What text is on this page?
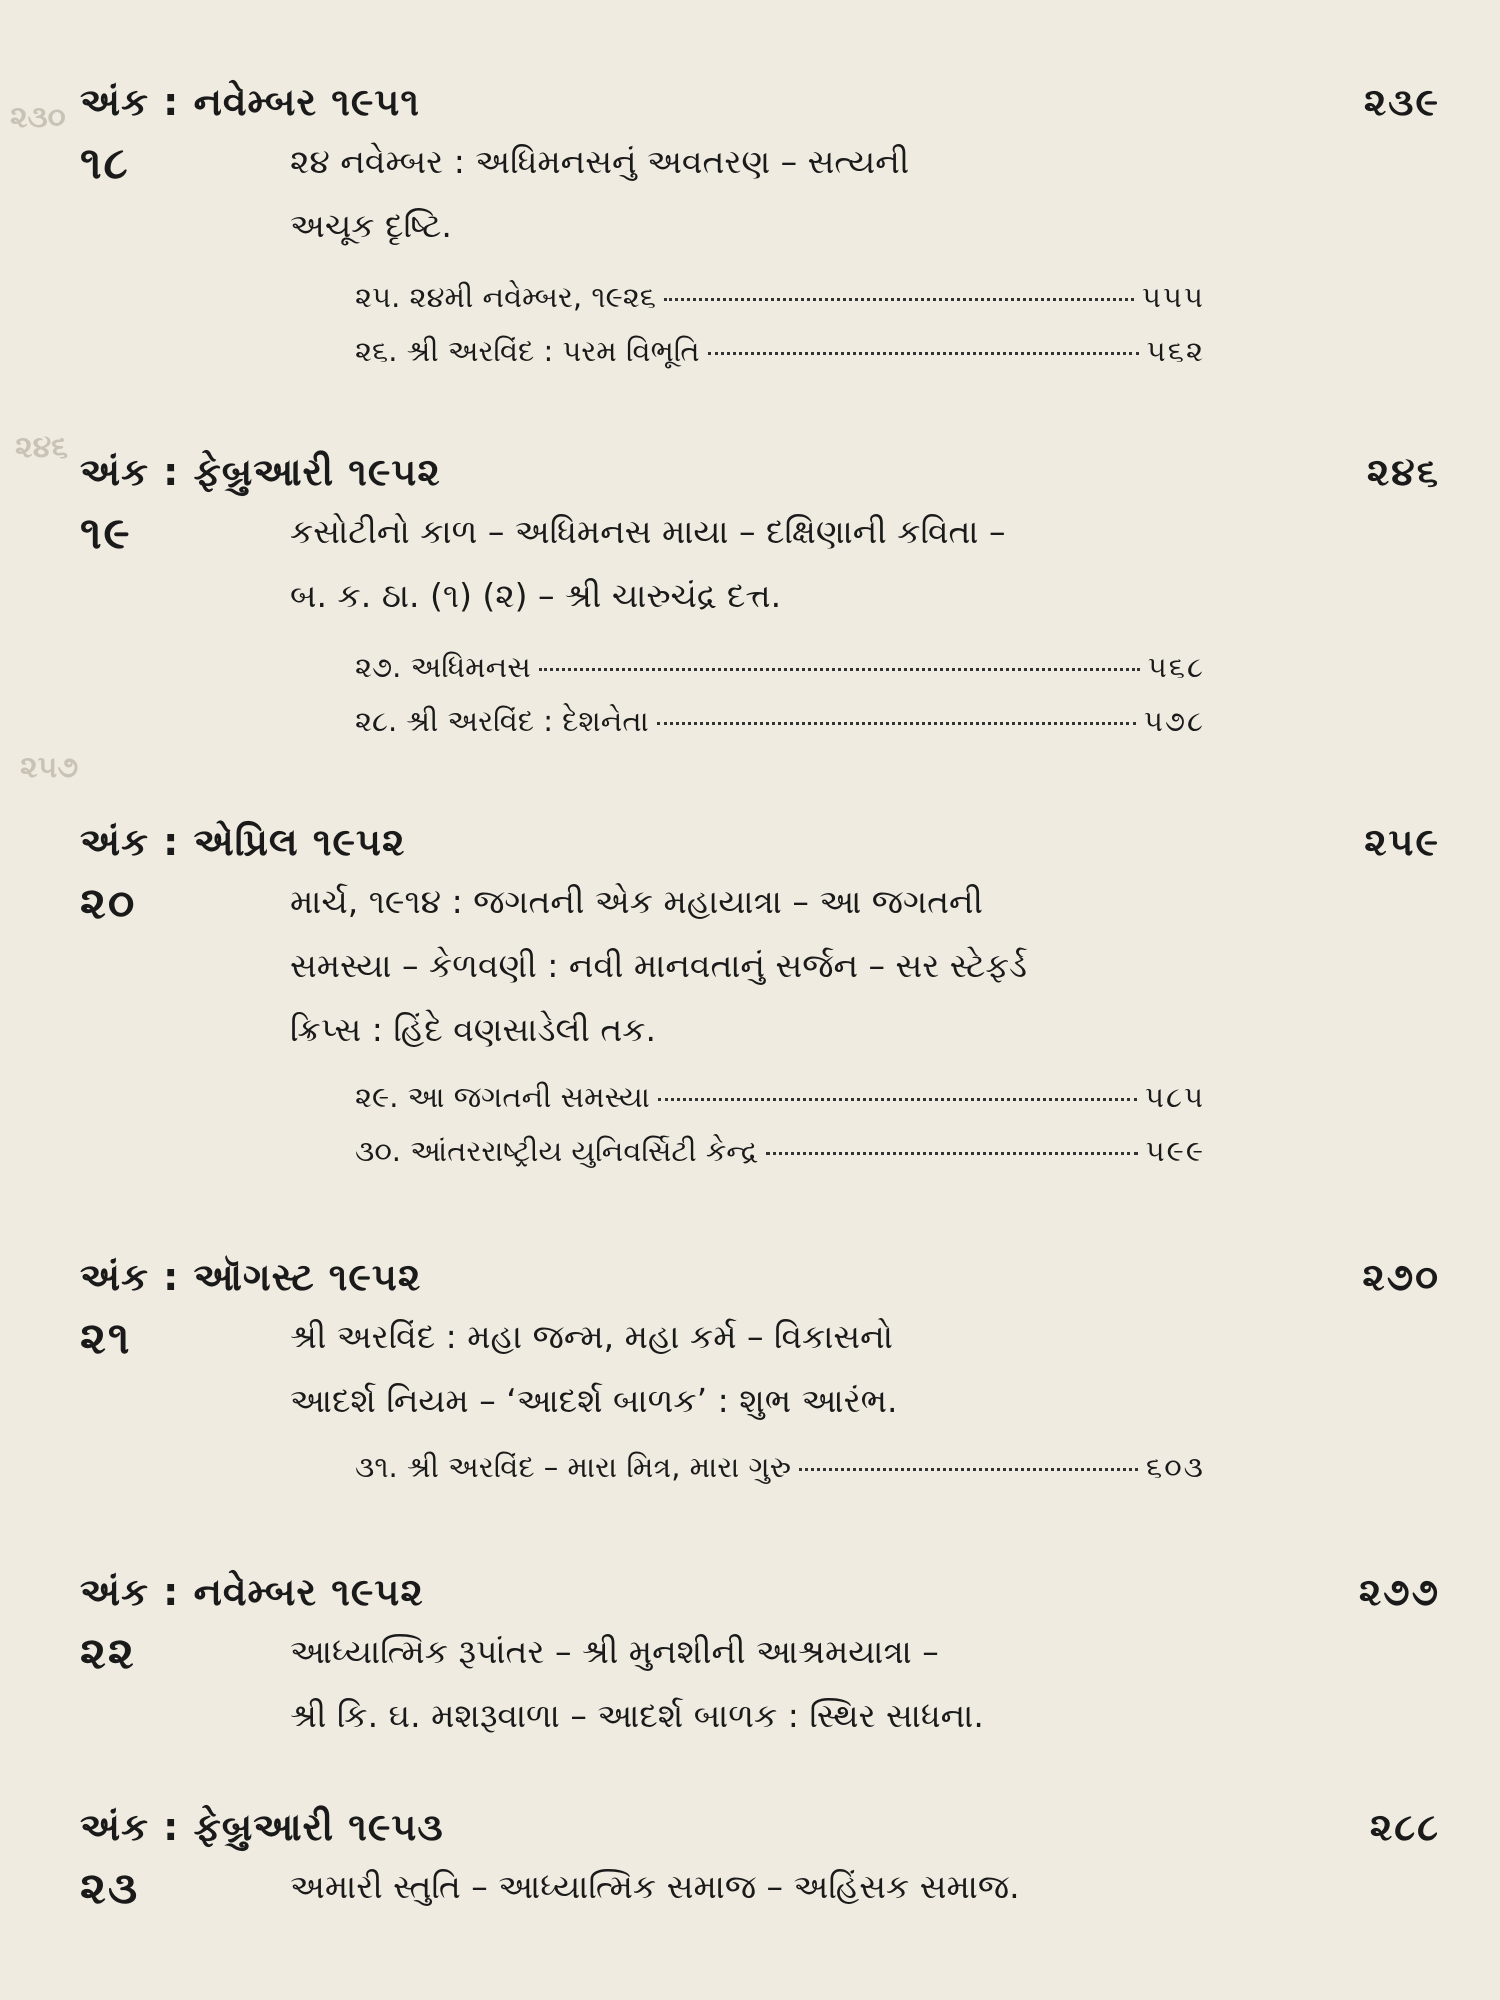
૨૩૦
૨૪૬
૨૫૭
અંક : નવેમ્બર ૧૯૫૧	૨૩૯
૧૮	૨૪ નવેમ્બર : અધિમનસનું અવતરણ – સત્યની
અચૂક દૃષ્ટિ.
૨૫. ૨૪મી નવેમ્બર, ૧૯૨૬	૫૫૫
૨૬. શ્રી અરવિંદ : પરમ વિભૂતિ	૫૬૨
અંક : ફેબ્રુઆરી ૧૯૫૨	૨૪૬
૧૯	કસોટીનો કાળ – અધિમનસ માયા – દક્ષિણાની કવિતા –
બ. ક. ઠા. (૧) (૨) – શ્રી ચારુચંદ્ર દત્ત.
૨૭. અધિમનસ	૫૬૮
૨૮. શ્રી અરવિંદ : દેશનેતા	૫૭૮
અંક : એપ્રિલ ૧૯૫૨	૨૫૯
૨૦	માર્ચ, ૧૯૧૪ : જગતની એક મહાયાત્રા – આ જગતની
સમસ્યા – કેળવણી : નવી માનવતાનું સર્જન – સર સ્ટેફર્ડ
ક્રિપ્સ : હિંદે વણસાડેલી તક.
૨૯. આ જગતની સમસ્યા	૫૮૫
૩૦. આંતરરાષ્ટ્રીય યુનિવર્સિટી કેન્દ્ર	૫૯૯
અંક : ઑગસ્ટ ૧૯૫૨	૨૭૦
૨૧	શ્રી અરવિંદ : મહા જન્મ, મહા કર્મ – વિકાસનો
આદર્શ નિયમ – ‘આદર્શ બાળક’ : શુભ આરંભ.
૩૧. શ્રી અરવિંદ – મારા મિત્ર, મારા ગુરુ	૬૦૩
અંક : નવેમ્બર ૧૯૫૨	૨૭૭
૨૨	આધ્યાત્મિક રૂપાંતર – શ્રી મુનશીની આશ્રમયાત્રા –
શ્રી કિ. ઘ. મશરૂવાળા – આદર્શ બાળક : સ્થિર સાધના.
અંક : ફેબ્રુઆરી ૧૯૫૩	૨૮૮
૨૩	અમારી સ્તુતિ – આધ્યાત્મિક સમાજ – અહિંસક સમાજ.
